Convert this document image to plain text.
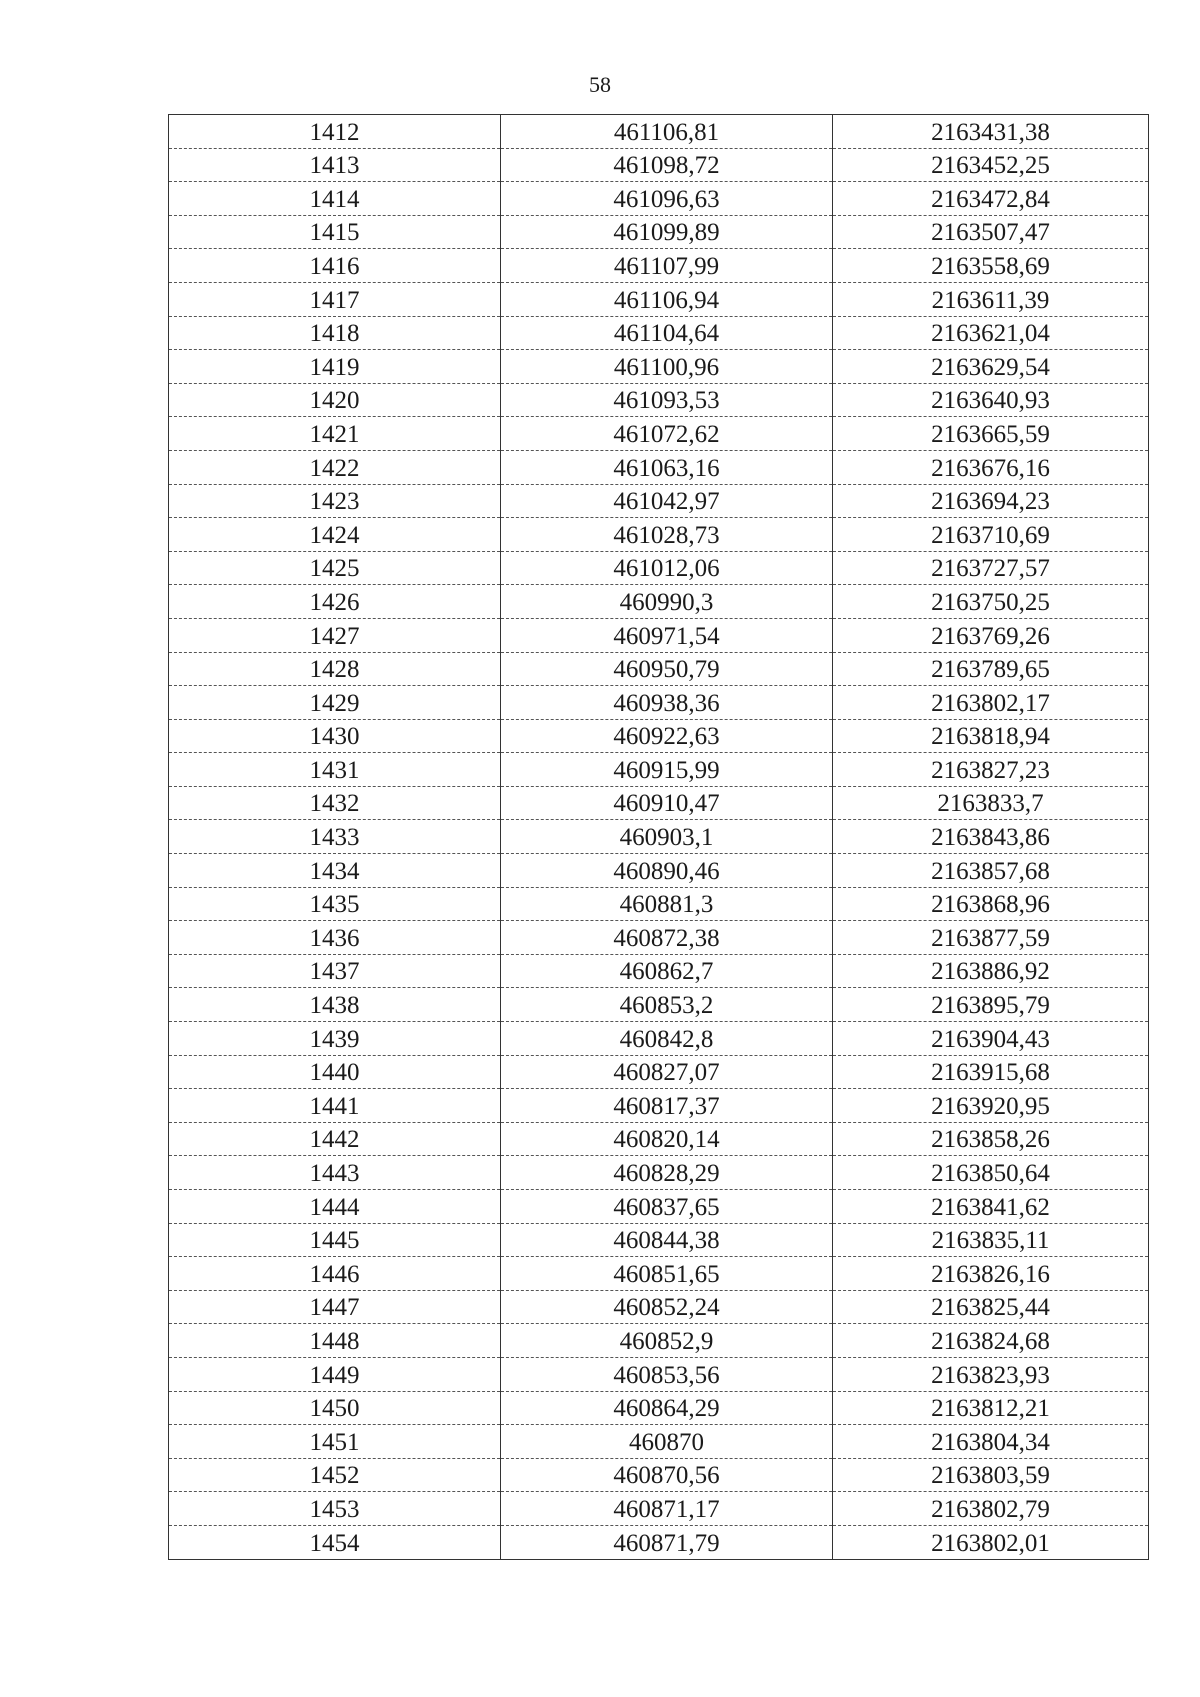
58
1412	461106,81	2163431,38
1413	461098,72	2163452,25
1414	461096,63	2163472,84
1415	461099,89	2163507,47
1416	461107,99	2163558,69
1417	461106,94	2163611,39
1418	461104,64	2163621,04
1419	461100,96	2163629,54
1420	461093,53	2163640,93
1421	461072,62	2163665,59
1422	461063,16	2163676,16
1423	461042,97	2163694,23
1424	461028,73	2163710,69
1425	461012,06	2163727,57
1426	460990,3	2163750,25
1427	460971,54	2163769,26
1428	460950,79	2163789,65
1429	460938,36	2163802,17
1430	460922,63	2163818,94
1431	460915,99	2163827,23
1432	460910,47	2163833,7
1433	460903,1	2163843,86
1434	460890,46	2163857,68
1435	460881,3	2163868,96
1436	460872,38	2163877,59
1437	460862,7	2163886,92
1438	460853,2	2163895,79
1439	460842,8	2163904,43
1440	460827,07	2163915,68
1441	460817,37	2163920,95
1442	460820,14	2163858,26
1443	460828,29	2163850,64
1444	460837,65	2163841,62
1445	460844,38	2163835,11
1446	460851,65	2163826,16
1447	460852,24	2163825,44
1448	460852,9	2163824,68
1449	460853,56	2163823,93
1450	460864,29	2163812,21
1451	460870	2163804,34
1452	460870,56	2163803,59
1453	460871,17	2163802,79
1454	460871,79	2163802,01
